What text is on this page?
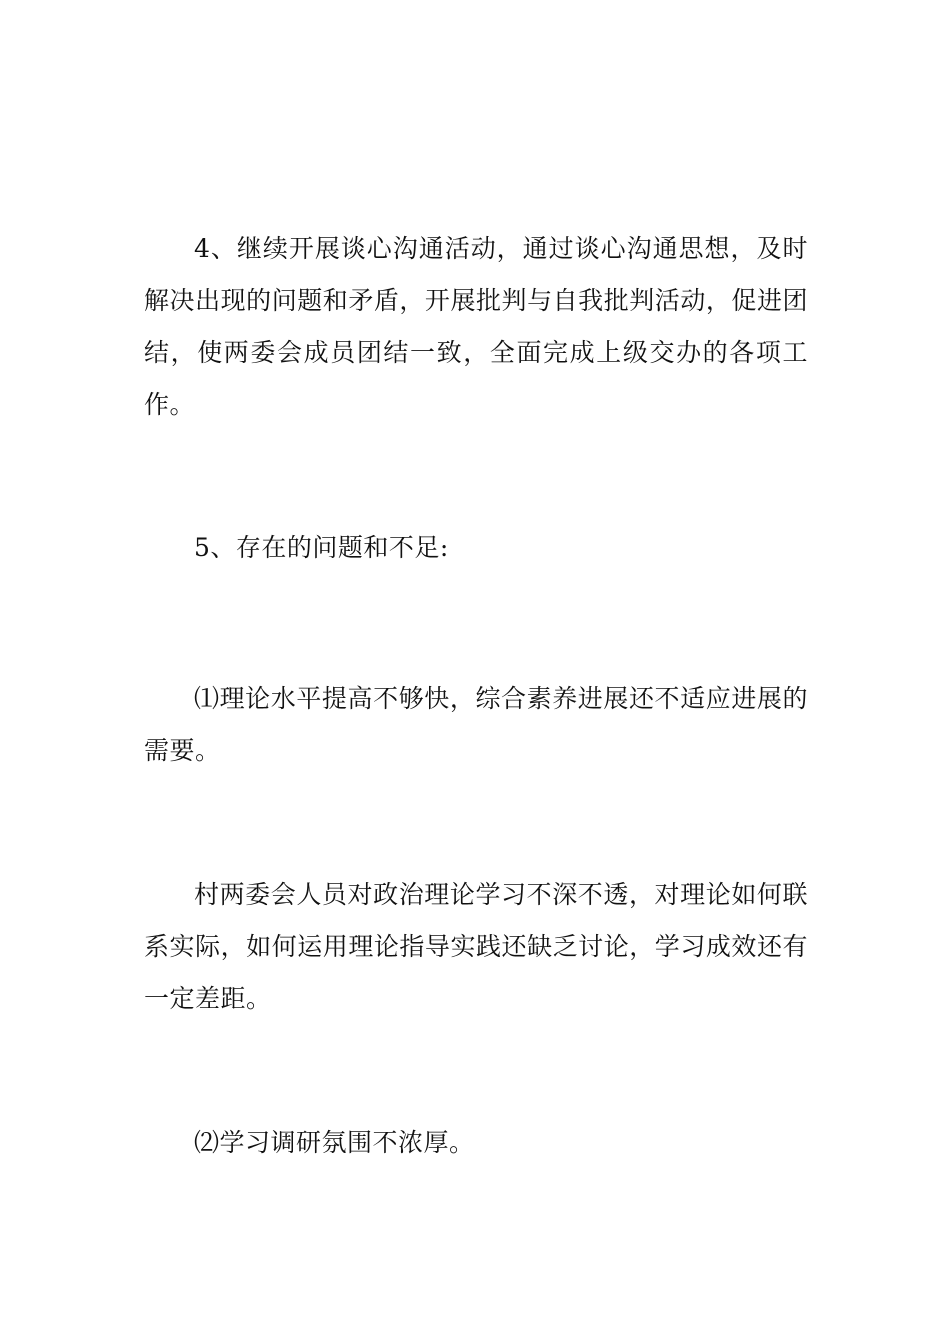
4、继续开展谈心沟通活动，通过谈心沟通思想，及时解决出现的问题和矛盾，开展批判与自我批判活动，促进团结，使两委会成员团结一致，全面完成上级交办的各项工作。

5、存在的问题和不足:

⑴理论水平提高不够快，综合素养进展还不适应进展的需要。

村两委会人员对政治理论学习不深不透，对理论如何联系实际，如何运用理论指导实践还缺乏讨论，学习成效还有一定差距。

⑵学习调研氛围不浓厚。
